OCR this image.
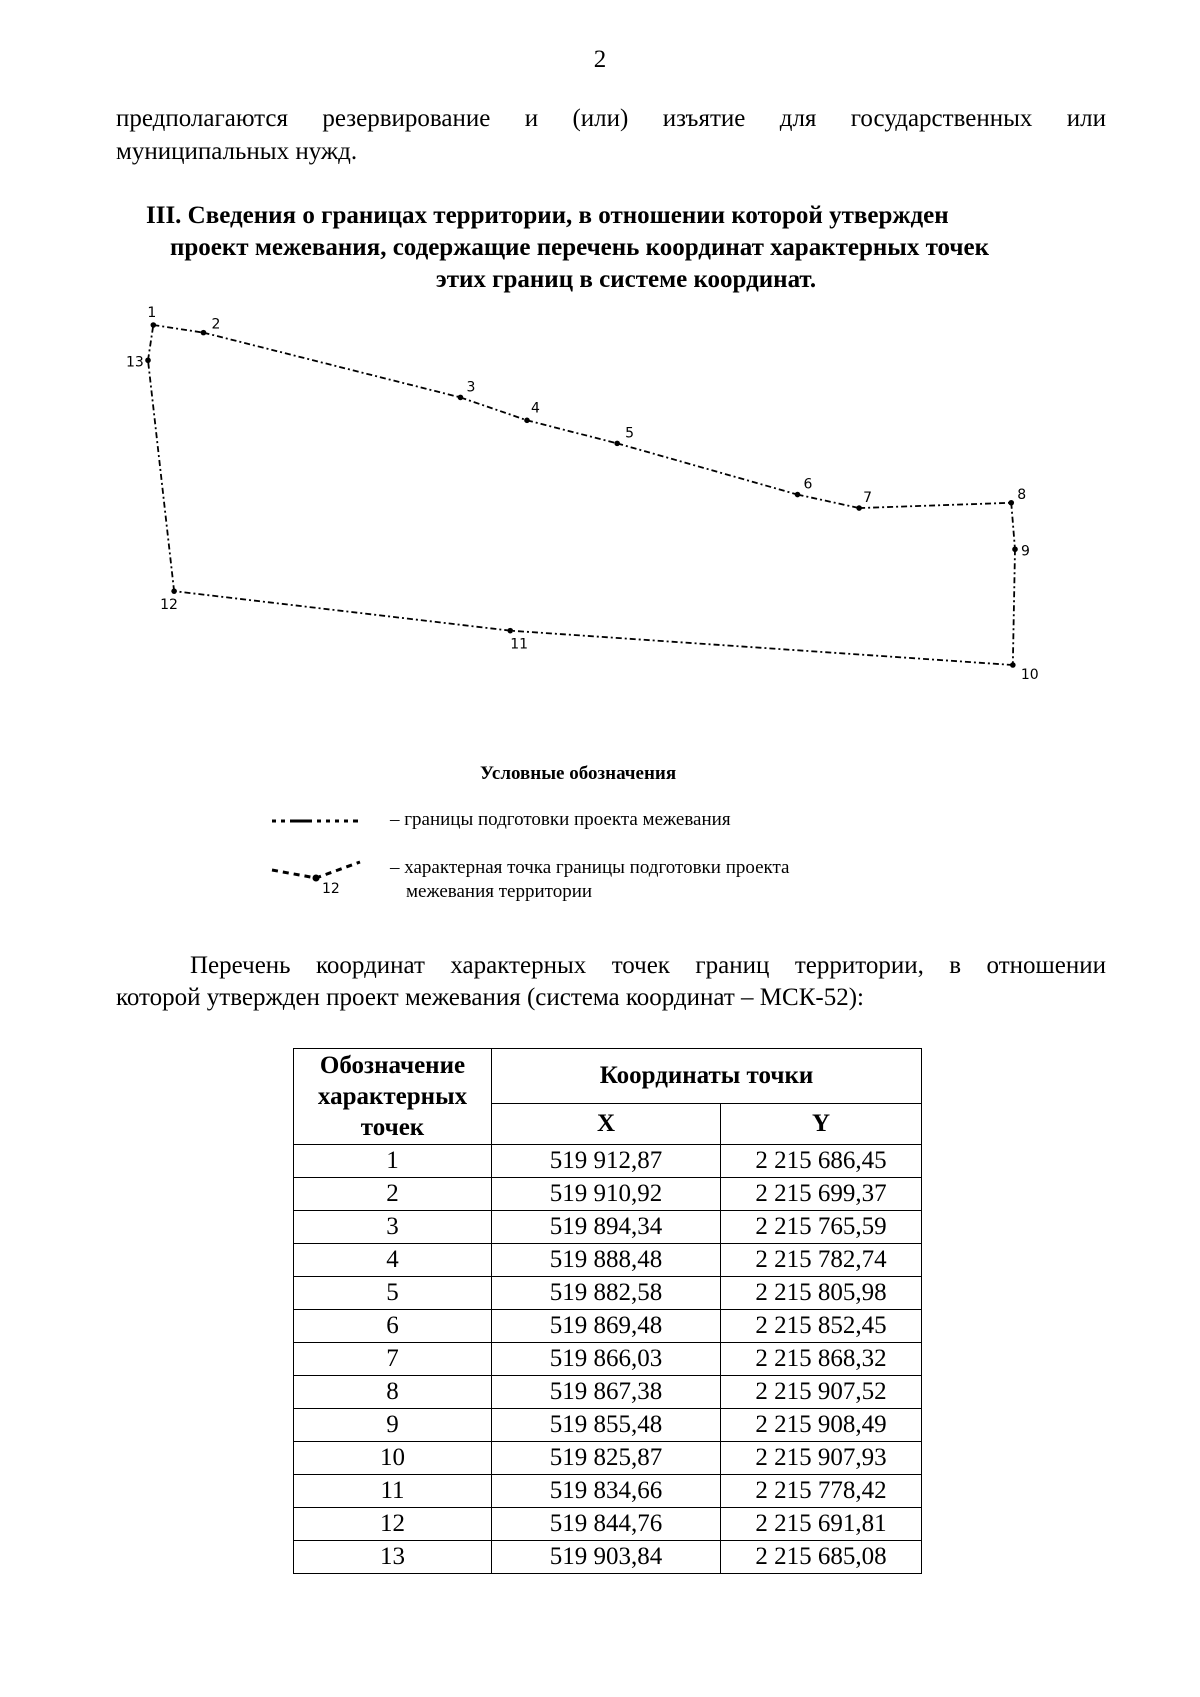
2
предполагаются резервирование и (или) изъятие для государственных или
муниципальных нужд.
III. Сведения о границах территории, в отношении которой утвержден
проект межевания, содержащие перечень координат характерных точек
этих границ в системе координат.
1
2
3
4
5
6
7	8
9
10
11
12
13
Условные обозначения
– границы подготовки проекта межевания
12
– характерная точка границы подготовки проекта
межевания территории
Перечень координат характерных точек границ территории, в отношении
которой утвержден проект межевания (система координат – МСК-52):
Обозначение характерных точек	Координаты точки	
	X	Y
1	519 912,87	2 215 686,45
2	519 910,92	2 215 699,37
3	519 894,34	2 215 765,59
4	519 888,48	2 215 782,74
5	519 882,58	2 215 805,98
6	519 869,48	2 215 852,45
7	519 866,03	2 215 868,32
8	519 867,38	2 215 907,52
9	519 855,48	2 215 908,49
10	519 825,87	2 215 907,93
11	519 834,66	2 215 778,42
12	519 844,76	2 215 691,81
13	519 903,84	2 215 685,08
